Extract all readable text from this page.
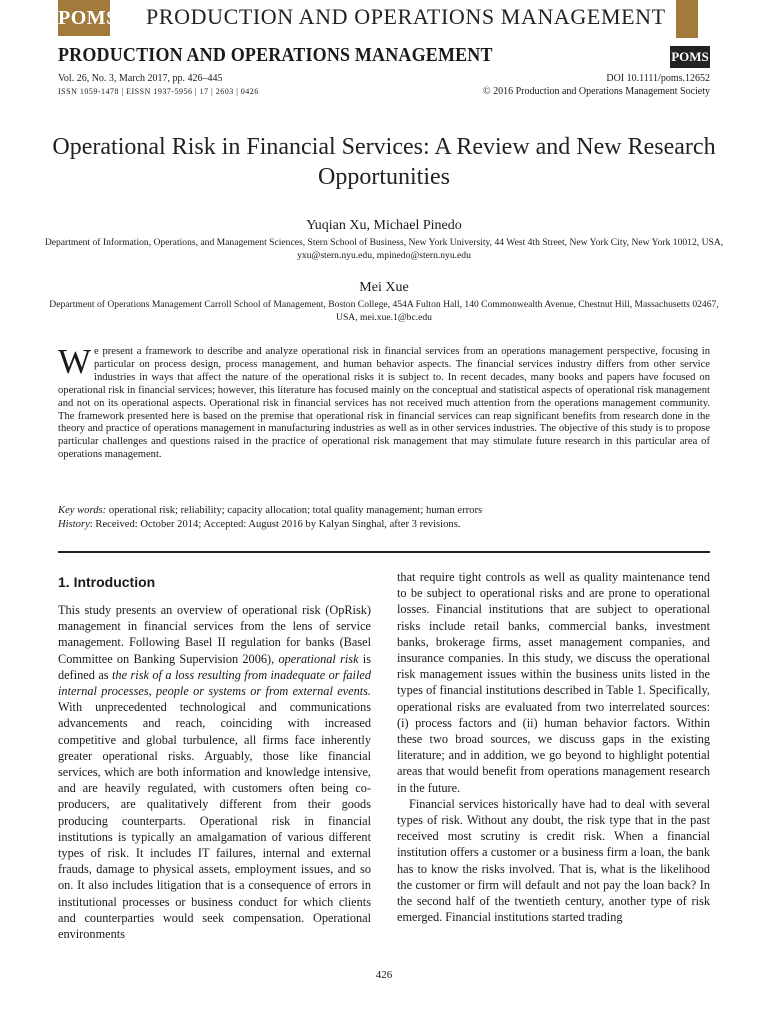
POMS PRODUCTION AND OPERATIONS MANAGEMENT
PRODUCTION AND OPERATIONS MANAGEMENT	POMS
Vol. 26, No. 3, March 2017, pp. 426–445
ISSN 1059-1478 | EISSN 1937-5956 | 17 | 2603 | 0426
DOI 10.1111/poms.12652
© 2016 Production and Operations Management Society
Operational Risk in Financial Services: A Review and New Research Opportunities
Yuqian Xu, Michael Pinedo
Department of Information, Operations, and Management Sciences, Stern School of Business, New York University, 44 West 4th Street, New York City, New York 10012, USA, yxu@stern.nyu.edu, mpinedo@stern.nyu.edu
Mei Xue
Department of Operations Management Carroll School of Management, Boston College, 454A Fulton Hall, 140 Commonwealth Avenue, Chestnut Hill, Massachusetts 02467, USA, mei.xue.1@bc.edu
We present a framework to describe and analyze operational risk in financial services from an operations management perspective, focusing in particular on process design, process management, and human behavior aspects. The financial services industry differs from other service industries in ways that affect the nature of the operational risks it is subject to. In recent decades, many books and papers have focused on operational risk in financial services; however, this literature has focused mainly on the conceptual and statistical aspects of operational risk management and not on its operational aspects. Operational risk in financial services has not received much attention from the operations management community. The framework presented here is based on the premise that operational risk in financial services can reap significant benefits from research done in the theory and practice of operations management in manufacturing industries as well as in other services industries. The objective of this study is to propose particular challenges and questions raised in the practice of operational risk management that may stimulate future research in this particular area of operations management.
Key words: operational risk; reliability; capacity allocation; total quality management; human errors
History: Received: October 2014; Accepted: August 2016 by Kalyan Singhal, after 3 revisions.
1. Introduction

This study presents an overview of operational risk (OpRisk) management in financial services from the lens of service management. Following Basel II regulation for banks (Basel Committee on Banking Supervision 2006), operational risk is defined as the risk of a loss resulting from inadequate or failed internal processes, people or systems or from external events. With unprecedented technological and communications advancements and reach, coinciding with increased competitive and global turbulence, all firms face inherently greater operational risks. Arguably, those like financial services, which are both information and knowledge intensive, and are heavily regulated, with customers often being co-producers, are qualitatively different from their goods producing counterparts. Operational risk in financial institutions is typically an amalgamation of various different types of risk. It includes IT failures, internal and external frauds, damage to physical assets, employment issues, and so on. It also includes litigation that is a consequence of errors in institutional processes or business conduct for which clients and counterparties would seek compensation. Operational environments

that require tight controls as well as quality maintenance tend to be subject to operational risks and are prone to operational losses. Financial institutions that are subject to operational risks include retail banks, commercial banks, investment banks, brokerage firms, asset management companies, and insurance companies. In this study, we discuss the operational risk management issues within the business units listed in the types of financial institutions described in Table 1. Specifically, operational risks are evaluated from two interrelated sources: (i) process factors and (ii) human behavior factors. Within these two broad sources, we discuss gaps in the existing literature; and in addition, we go beyond to highlight potential areas that would benefit from operations management research in the future.

Financial services historically have had to deal with several types of risk. Without any doubt, the risk type that in the past received most scrutiny is credit risk. When a financial institution offers a customer or a business firm a loan, the bank has to know the risks involved. That is, what is the likelihood the customer or firm will default and not pay the loan back? In the second half of the twentieth century, another type of risk emerged. Financial institutions started trading

426
